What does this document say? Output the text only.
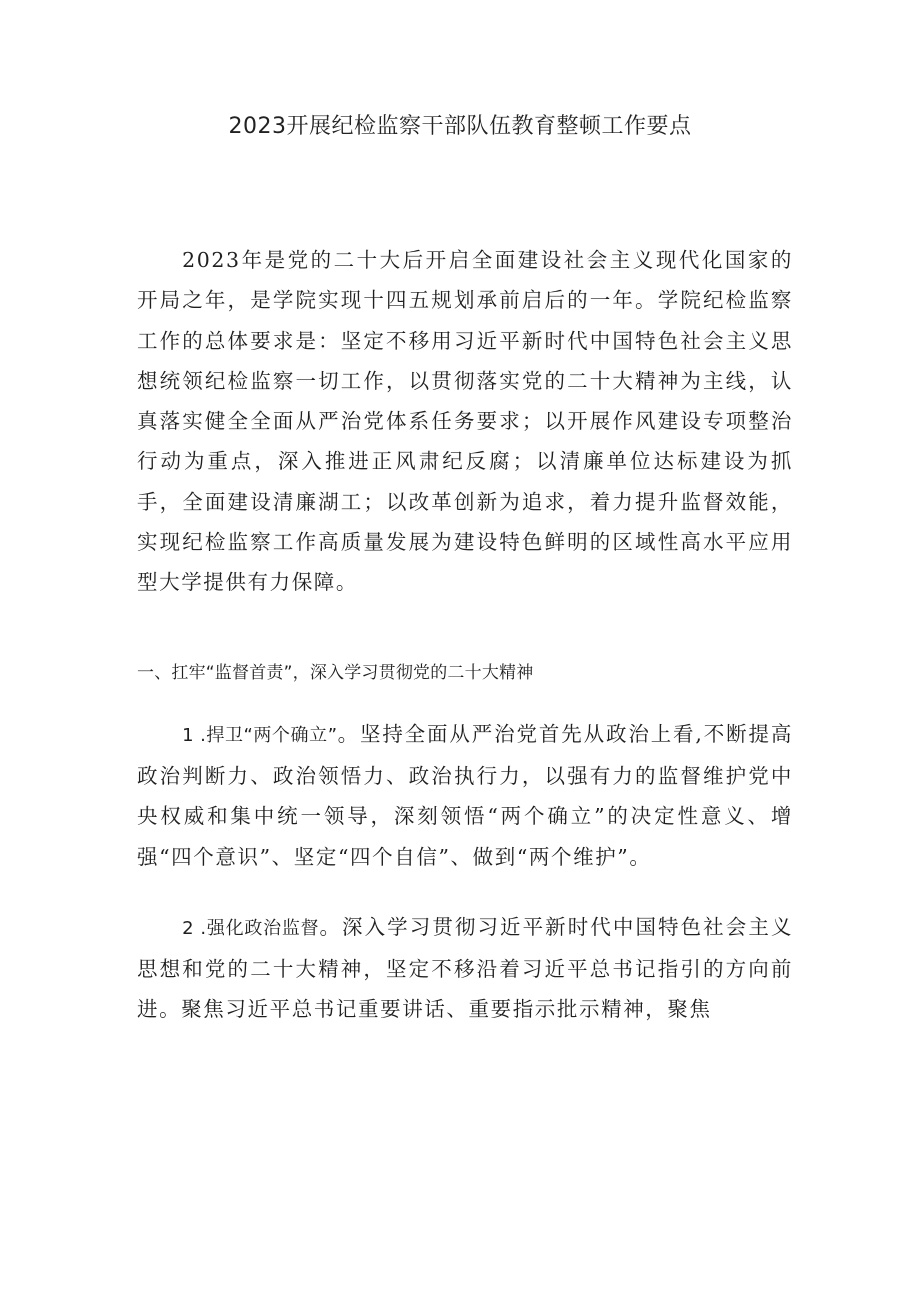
2023开展纪检监察干部队伍教育整顿工作要点

2023年是党的二十大后开启全面建设社会主义现代化国家的开局之年，是学院实现十四五规划承前启后的一年。学院纪检监察工作的总体要求是：坚定不移用习近平新时代中国特色社会主义思想统领纪检监察一切工作，以贯彻落实党的二十大精神为主线，认真落实健全全面从严治党体系任务要求；以开展作风建设专项整治行动为重点，深入推进正风肃纪反腐；以清廉单位达标建设为抓手，全面建设清廉湖工；以改革创新为追求，着力提升监督效能，实现纪检监察工作高质量发展为建设特色鲜明的区域性高水平应用型大学提供有力保障。

一、扛牢“监督首责”，深入学习贯彻党的二十大精神

1 .捍卫“两个确立”。坚持全面从严治党首先从政治上看,不断提高政治判断力、政治领悟力、政治执行力，以强有力的监督维护党中央权威和集中统一领导，深刻领悟“两个确立”的决定性意义、增强“四个意识”、坚定“四个自信”、做到“两个维护”。

2 .强化政治监督。深入学习贯彻习近平新时代中国特色社会主义思想和党的二十大精神，坚定不移沿着习近平总书记指引的方向前进。聚焦习近平总书记重要讲话、重要指示批示精神，聚焦
